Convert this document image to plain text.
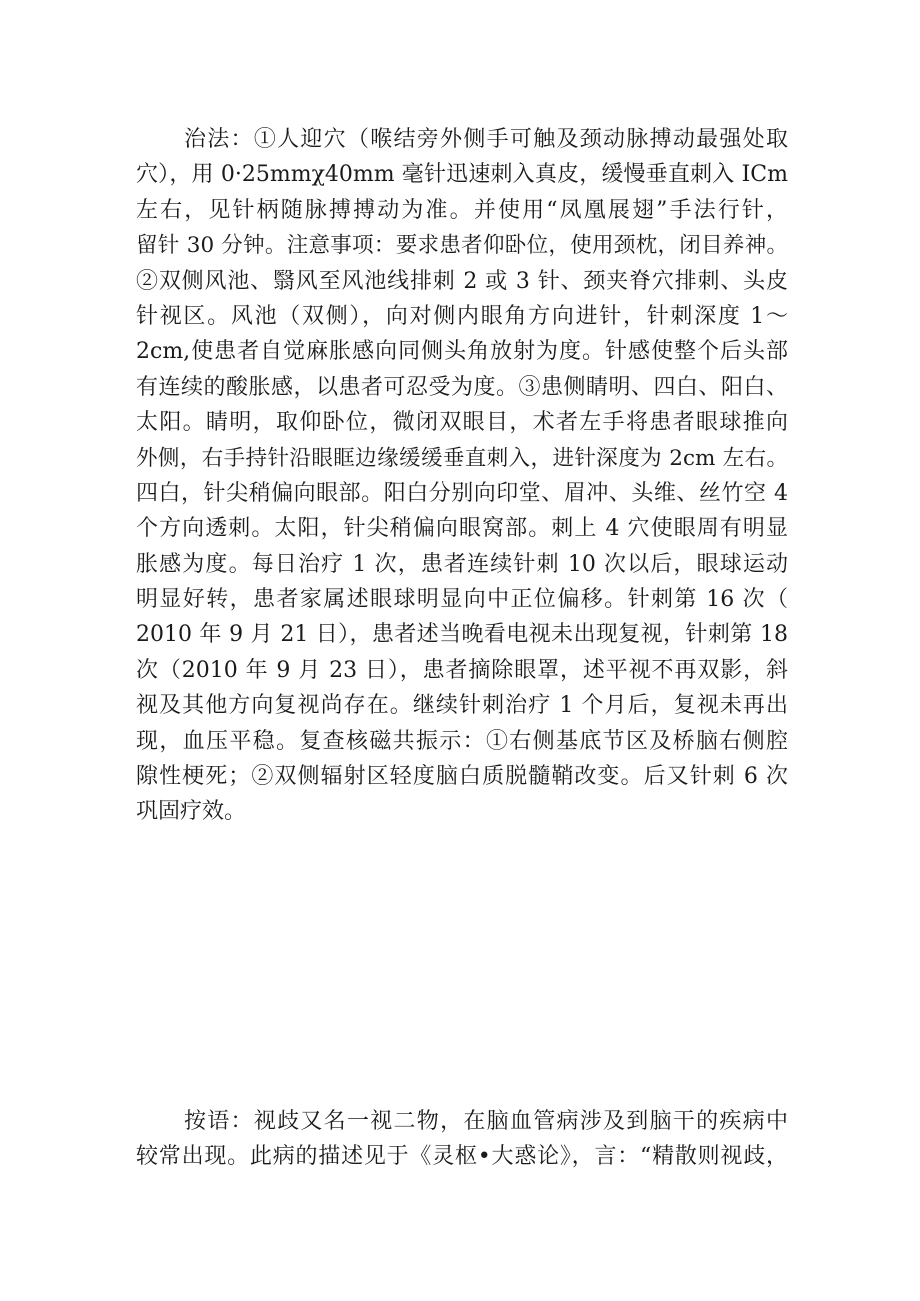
治法：①人迎穴（喉结旁外侧手可触及颈动脉搏动最强处取
穴），用 0·25mmχ40mm 毫针迅速刺入真皮，缓慢垂直刺入 ICm
左右，见针柄随脉搏搏动为准。并使用“凤凰展翅”手法行针，
留针 30 分钟。注意事项：要求患者仰卧位，使用颈枕，闭目养神。
②双侧风池、翳风至风池线排刺 2 或 3 针、颈夹脊穴排刺、头皮
针视区。风池（双侧），向对侧内眼角方向进针，针刺深度 1～
2cm,使患者自觉麻胀感向同侧头角放射为度。针感使整个后头部
有连续的酸胀感，以患者可忍受为度。③患侧睛明、四白、阳白、
太阳。睛明，取仰卧位，微闭双眼目，术者左手将患者眼球推向
外侧，右手持针沿眼眶边缘缓缓垂直刺入，进针深度为 2cm 左右。
四白，针尖稍偏向眼部。阳白分别向印堂、眉冲、头维、丝竹空 4
个方向透刺。太阳，针尖稍偏向眼窝部。刺上 4 穴使眼周有明显
胀感为度。每日治疗 1 次，患者连续针刺 10 次以后，眼球运动
明显好转，患者家属述眼球明显向中正位偏移。针刺第 16 次（
2010 年 9 月 21 日），患者述当晚看电视未出现复视，针刺第 18
次（2010 年 9 月 23 日），患者摘除眼罩，述平视不再双影，斜
视及其他方向复视尚存在。继续针刺治疗 1 个月后，复视未再出
现，血压平稳。复查核磁共振示：①右侧基底节区及桥脑右侧腔
隙性梗死；②双侧辐射区轻度脑白质脱髓鞘改变。后又针刺 6 次
巩固疗效。
按语：视歧又名一视二物，在脑血管病涉及到脑干的疾病中
较常出现。此病的描述见于《灵枢•大惑论》，言：“精散则视歧，
